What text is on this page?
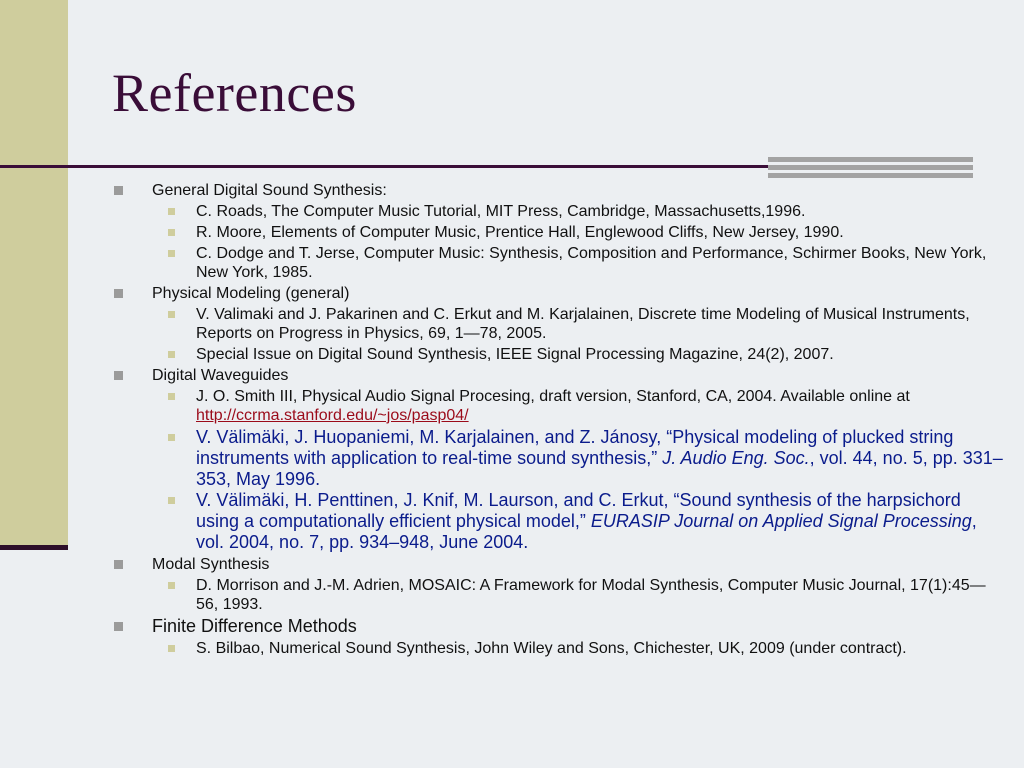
References
General Digital Sound Synthesis:
C. Roads, The Computer Music Tutorial, MIT Press, Cambridge, Massachusetts,1996.
R. Moore, Elements of Computer Music, Prentice Hall, Englewood Cliffs, New Jersey, 1990.
C. Dodge and T. Jerse, Computer Music: Synthesis, Composition and Performance, Schirmer Books, New York, New York, 1985.
Physical Modeling (general)
V. Valimaki and J. Pakarinen and C. Erkut and M. Karjalainen, Discrete time Modeling of Musical Instruments, Reports on Progress in Physics, 69, 1—78, 2005.
Special Issue on Digital Sound Synthesis, IEEE Signal Processing Magazine, 24(2), 2007.
Digital Waveguides
J. O. Smith III, Physical Audio Signal Procesing, draft version, Stanford, CA, 2004. Available online at http://ccrma.stanford.edu/~jos/pasp04/
V. Välimäki, J. Huopaniemi, M. Karjalainen, and Z. Jánosy, “Physical modeling of plucked string instruments with application to real-time sound synthesis,” J. Audio Eng. Soc., vol. 44, no. 5, pp. 331–353, May 1996.
V. Välimäki, H. Penttinen, J. Knif, M. Laurson, and C. Erkut, “Sound synthesis of the harpsichord using a computationally efficient physical model,” EURASIP Journal on Applied Signal Processing, vol. 2004, no. 7, pp. 934–948, June 2004.
Modal Synthesis
D. Morrison and J.-M. Adrien, MOSAIC: A Framework for Modal Synthesis, Computer Music Journal, 17(1):45—56, 1993.
Finite Difference Methods
S. Bilbao, Numerical Sound Synthesis, John Wiley and Sons, Chichester, UK, 2009 (under contract).
